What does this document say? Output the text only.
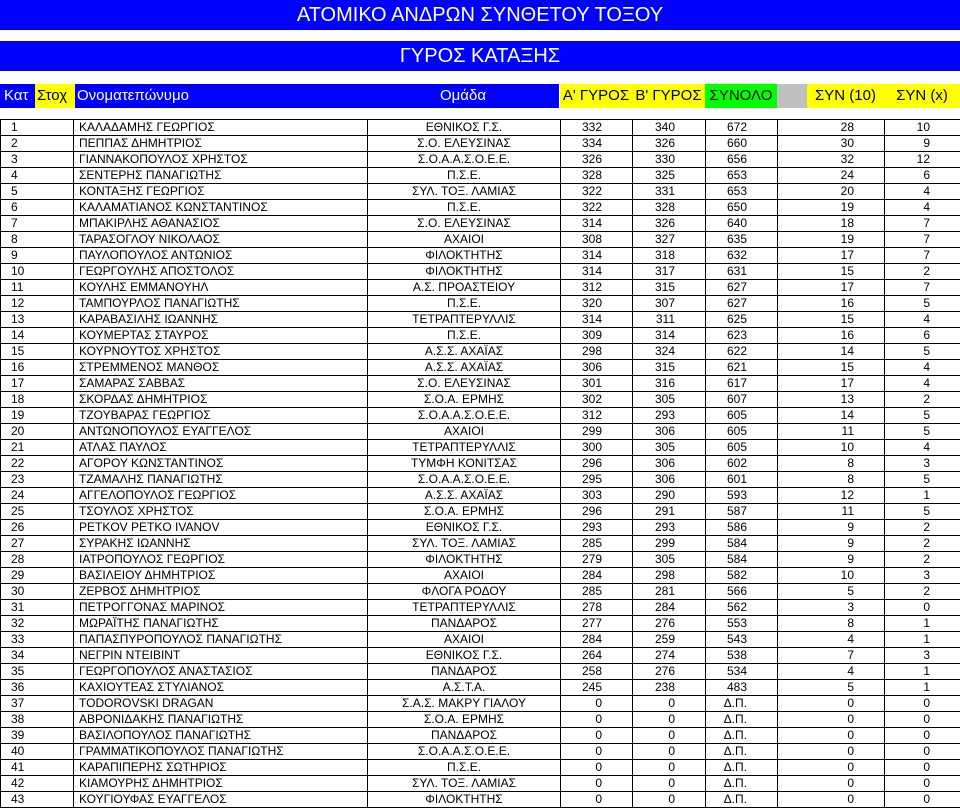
ΑΤΟΜΙΚΟ ΑΝΔΡΩΝ ΣΥΝΘΕΤΟΥ ΤΟΞΟΥ
ΓΥΡΟΣ ΚΑΤΑΞΗΣ
Κατ Στοχ Ονοματεπώνυμο	Ομάδα	Α' ΓΥΡΟΣ Β' ΓΥΡΟΣ ΣΥΝΟΛΟ	ΣΥΝ (10)	ΣΥΝ (x)
1	ΚΑΛΑΔΑΜΗΣ ΓΕΩΡΓΙΟΣ	ΕΘΝΙΚΟΣ Γ.Σ.	332	340	672	28	10
2	ΠΕΠΠΑΣ ΔΗΜΗΤΡΙΟΣ	Σ.Ο. ΕΛΕΥΣΙΝΑΣ	334	326	660	30	9
3	ΓΙΑΝΝΑΚΟΠΟΥΛΟΣ ΧΡΗΣΤΟΣ	Σ.Ο.Α.Α.Σ.Ο.Ε.Ε.	326	330	656	32	12
4	ΣΕΝΤΕΡΗΣ ΠΑΝΑΓΙΩΤΗΣ	Π.Σ.Ε.	328	325	653	24	6
5	ΚΟΝΤΑΞΗΣ ΓΕΩΡΓΙΟΣ	ΣΥΛ. ΤΟΞ. ΛΑΜΙΑΣ	322	331	653	20	4
6	ΚΑΛΑΜΑΤΙΑΝΟΣ ΚΩΝΣΤΑΝΤΙΝΟΣ	Π.Σ.Ε.	322	328	650	19	4
7	ΜΠΑΚΙΡΛΗΣ ΑΘΑΝΑΣΙΟΣ	Σ.Ο. ΕΛΕΥΣΙΝΑΣ	314	326	640	18	7
8	ΤΑΡΑΣΟΓΛΟΥ ΝΙΚΟΛΑΟΣ	ΑΧΑΙΟΙ	308	327	635	19	7
9	ΠΑΥΛΟΠΟΥΛΟΣ ΑΝΤΩΝΙΟΣ	ΦΙΛΟΚΤΗΤΗΣ	314	318	632	17	7
10	ΓΕΩΡΓΟΥΛΗΣ ΑΠΟΣΤΟΛΟΣ	ΦΙΛΟΚΤΗΤΗΣ	314	317	631	15	2
11	ΚΟΥΛΗΣ ΕΜΜΑΝΟΥΗΛ	Α.Σ. ΠΡΟΑΣΤΕΙΟΥ	312	315	627	17	7
12	ΤΑΜΠΟΥΡΛΟΣ ΠΑΝΑΓΙΩΤΗΣ	Π.Σ.Ε.	320	307	627	16	5
13	ΚΑΡΑΒΑΣΙΛΗΣ ΙΩΑΝΝΗΣ	ΤΕΤΡΑΠΤΕΡΥΛΛΙΣ	314	311	625	15	4
14	ΚΟΥΜΕΡΤΑΣ ΣΤΑΥΡΟΣ	Π.Σ.Ε.	309	314	623	16	6
15	ΚΟΥΡΝΟΥΤΟΣ ΧΡΗΣΤΟΣ	Α.Σ.Σ. ΑΧΑΪΑΣ	298	324	622	14	5
16	ΣΤΡΕΜΜΕΝΟΣ ΜΑΝΘΟΣ	Α.Σ.Σ. ΑΧΑΪΑΣ	306	315	621	15	4
17	ΣΑΜΑΡΑΣ ΣΑΒΒΑΣ	Σ.Ο. ΕΛΕΥΣΙΝΑΣ	301	316	617	17	4
18	ΣΚΟΡΔΑΣ ΔΗΜΗΤΡΙΟΣ	Σ.Ο.Α. ΕΡΜΗΣ	302	305	607	13	2
19	ΤΖΟΥΒΑΡΑΣ ΓΕΩΡΓΙΟΣ	Σ.Ο.Α.Α.Σ.Ο.Ε.Ε.	312	293	605	14	5
20	ΑΝΤΩΝΟΠΟΥΛΟΣ ΕΥΑΓΓΕΛΟΣ	ΑΧΑΙΟΙ	299	306	605	11	5
21	ΑΤΛΑΣ ΠΑΥΛΟΣ	ΤΕΤΡΑΠΤΕΡΥΛΛΙΣ	300	305	605	10	4
22	ΑΓΟΡΟΥ ΚΩΝΣΤΑΝΤΙΝΟΣ	ΤΥΜΦΗ ΚΟΝΙΤΣΑΣ	296	306	602	8	3
23	ΤΖΑΜΑΛΗΣ ΠΑΝΑΓΙΩΤΗΣ	Σ.Ο.Α.Α.Σ.Ο.Ε.Ε.	295	306	601	8	5
24	ΑΓΓΕΛΟΠΟΥΛΟΣ ΓΕΩΡΓΙΟΣ	Α.Σ.Σ. ΑΧΑΪΑΣ	303	290	593	12	1
25	ΤΣΟΥΛΟΣ ΧΡΗΣΤΟΣ	Σ.Ο.Α. ΕΡΜΗΣ	296	291	587	11	5
26	PETKOV PETKO IVANOV	ΕΘΝΙΚΟΣ Γ.Σ.	293	293	586	9	2
27	ΣΥΡΑΚΗΣ ΙΩΑΝΝΗΣ	ΣΥΛ. ΤΟΞ. ΛΑΜΙΑΣ	285	299	584	9	2
28	ΙΑΤΡΟΠΟΥΛΟΣ ΓΕΩΡΓΙΟΣ	ΦΙΛΟΚΤΗΤΗΣ	279	305	584	9	2
29	ΒΑΣΙΛΕΙΟΥ ΔΗΜΗΤΡΙΟΣ	ΑΧΑΙΟΙ	284	298	582	10	3
30	ΖΕΡΒΟΣ ΔΗΜΗΤΡΙΟΣ	ΦΛΟΓΑ ΡΟΔΟΥ	285	281	566	5	2
31	ΠΕΤΡΟΓΓΟΝΑΣ ΜΑΡΙΝΟΣ	ΤΕΤΡΑΠΤΕΡΥΛΛΙΣ	278	284	562	3	0
32	ΜΩΡΑΪΤΗΣ ΠΑΝΑΓΙΩΤΗΣ	ΠΑΝΔΑΡΟΣ	277	276	553	8	1
33	ΠΑΠΑΣΠΥΡΟΠΟΥΛΟΣ ΠΑΝΑΓΙΩΤΗΣ	ΑΧΑΙΟΙ	284	259	543	4	1
34	ΝΕΓΡΙΝ ΝΤΕΙΒΙΝΤ	ΕΘΝΙΚΟΣ Γ.Σ.	264	274	538	7	3
35	ΓΕΩΡΓΟΠΟΥΛΟΣ ΑΝΑΣΤΑΣΙΟΣ	ΠΑΝΔΑΡΟΣ	258	276	534	4	1
36	ΚΑΧΙΟΥΤΕΑΣ ΣΤΥΛΙΑΝΟΣ	Α.Σ.Τ.Α.	245	238	483	5	1
37	TODOROVSKI DRAGAN	Σ.Α.Σ. ΜΑΚΡΥ ΓΙΑΛΟΥ	0	0	Δ.Π.	0	0
38	ΑΒΡΟΝΙΔΑΚΗΣ ΠΑΝΑΓΙΩΤΗΣ	Σ.Ο.Α. ΕΡΜΗΣ	0	0	Δ.Π.	0	0
39	ΒΑΣΙΛΟΠΟΥΛΟΣ ΠΑΝΑΓΙΩΤΗΣ	ΠΑΝΔΑΡΟΣ	0	0	Δ.Π.	0	0
40	ΓΡΑΜΜΑΤΙΚΟΠΟΥΛΟΣ ΠΑΝΑΓΙΩΤΗΣ	Σ.Ο.Α.Α.Σ.Ο.Ε.Ε.	0	0	Δ.Π.	0	0
41	ΚΑΡΑΠΙΠΕΡΗΣ ΣΩΤΗΡΙΟΣ	Π.Σ.Ε.	0	0	Δ.Π.	0	0
42	ΚΙΑΜΟΥΡΗΣ ΔΗΜΗΤΡΙΟΣ	ΣΥΛ. ΤΟΞ. ΛΑΜΙΑΣ	0	0	Δ.Π.	0	0
43	ΚΟΥΓΙΟΥΦΑΣ ΕΥΑΓΓΕΛΟΣ	ΦΙΛΟΚΤΗΤΗΣ	0	0	Δ.Π.	0	0
